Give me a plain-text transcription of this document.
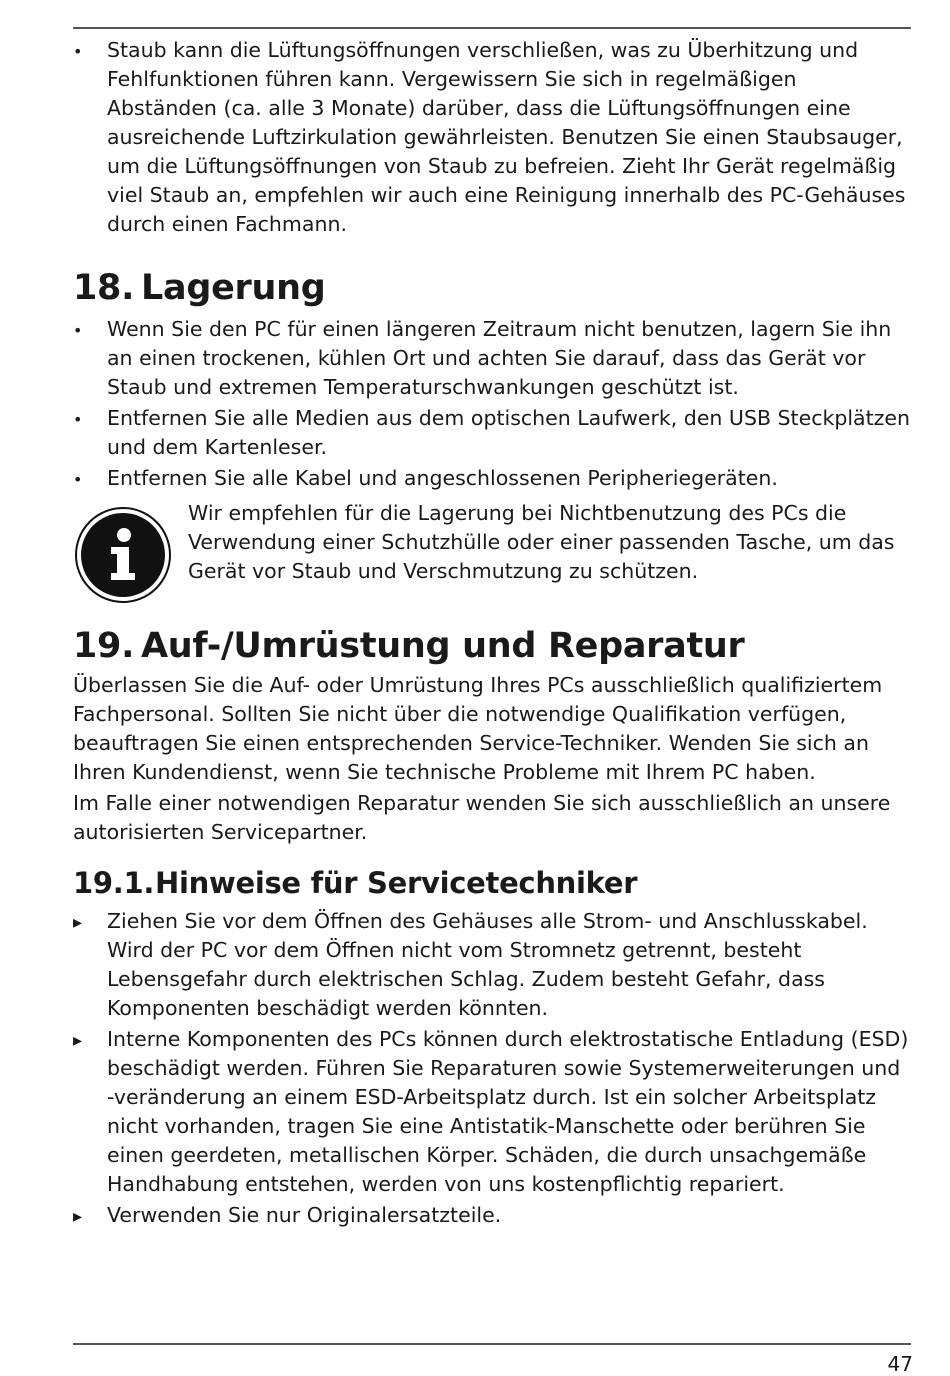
•
Staub kann die Lüftungsöffnungen verschließen, was zu Überhitzung und Fehlfunktionen führen kann. Vergewissern Sie sich in regelmäßigen Abständen (ca. alle 3 Monate) darüber, dass die Lüftungsöffnungen eine ausreichende Luftzirkulation gewährleisten. Benutzen Sie einen Staubsauger, um die Lüftungsöffnungen von Staub zu befreien. Zieht Ihr Gerät regelmäßig viel Staub an, empfehlen wir auch eine Reinigung innerhalb des PC-Gehäuses durch einen Fachmann.
18. Lagerung
•
Wenn Sie den PC für einen längeren Zeitraum nicht benutzen, lagern Sie ihn an einen trockenen, kühlen Ort und achten Sie darauf, dass das Gerät vor Staub und extremen Temperaturschwankungen geschützt ist.
•
Entfernen Sie alle Medien aus dem optischen Laufwerk, den USB Steckplätzen und dem Kartenleser.
•
Entfernen Sie alle Kabel und angeschlossenen Peripheriegeräten.
Wir empfehlen für die Lagerung bei Nichtbenutzung des PCs die Verwendung einer Schutzhülle oder einer passenden Tasche, um das Gerät vor Staub und Verschmutzung zu schützen.
19. Auf-/Umrüstung und Reparatur

Überlassen Sie die Auf- oder Umrüstung Ihres PCs ausschließlich qualifiziertem Fachpersonal. Sollten Sie nicht über die notwendige Qualifikation verfügen, beauftragen Sie einen entsprechenden Service-Techniker. Wenden Sie sich an Ihren Kundendienst, wenn Sie technische Probleme mit Ihrem PC haben.

Im Falle einer notwendigen Reparatur wenden Sie sich ausschließlich an unsere autorisierten Servicepartner.

19.1.Hinweise für Servicetechniker
▸
Ziehen Sie vor dem Öffnen des Gehäuses alle Strom- und Anschlusskabel. Wird der PC vor dem Öffnen nicht vom Stromnetz getrennt, besteht Lebensgefahr durch elektrischen Schlag. Zudem besteht Gefahr, dass Komponenten beschädigt werden könnten.
▸
Interne Komponenten des PCs können durch elektrostatische Entladung (ESD) beschädigt werden. Führen Sie Reparaturen sowie Systemerweiterungen und -veränderung an einem ESD-Arbeitsplatz durch. Ist ein solcher Arbeitsplatz nicht vorhanden, tragen Sie eine Antistatik-Manschette oder berühren Sie einen geerdeten, metallischen Körper. Schäden, die durch unsachgemäße Handhabung entstehen, werden von uns kostenpflichtig repariert.
▸
Verwenden Sie nur Originalersatzteile.
47
